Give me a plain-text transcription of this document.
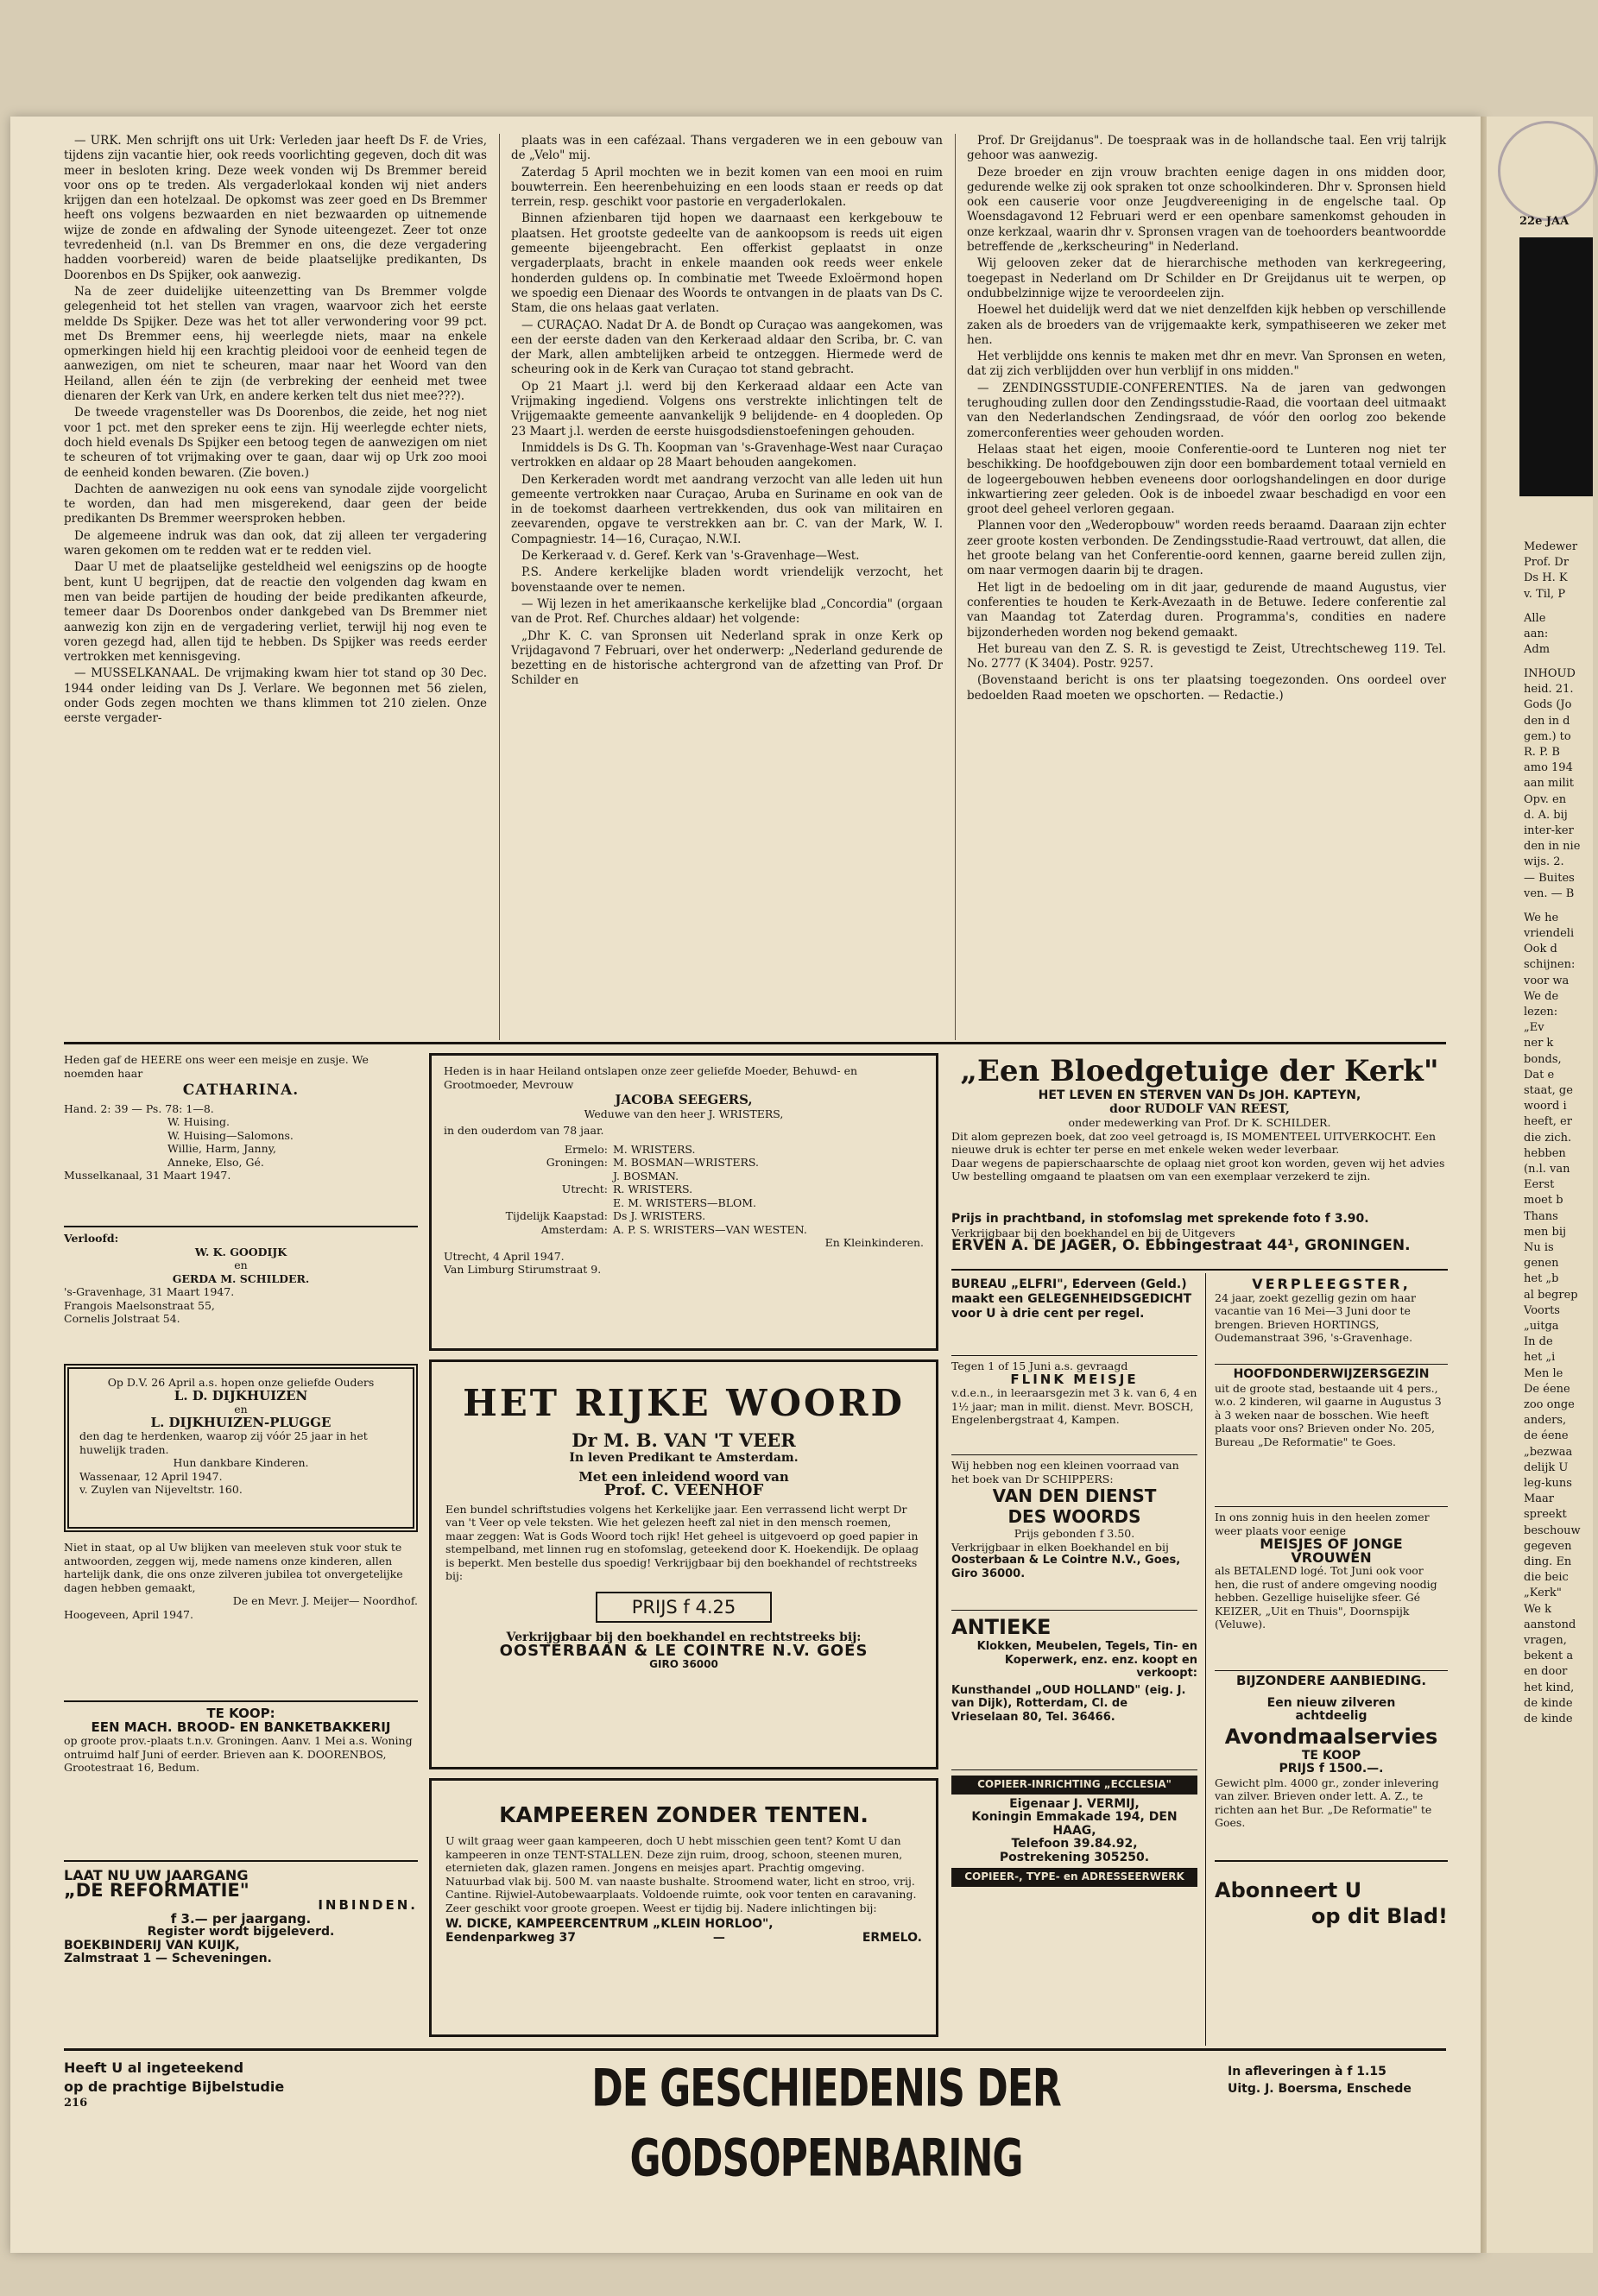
— URK. Men schrijft ons uit Urk: Verleden jaar heeft Ds F. de Vries, tijdens zijn vacantie hier, ook reeds voorlichting gegeven, doch dit was meer in besloten kring. Deze week vonden wij Ds Bremmer bereid voor ons op te treden. Als vergaderlokaal konden wij niet anders krijgen dan een hotelzaal. De opkomst was zeer goed en Ds Bremmer heeft ons volgens bezwaarden en niet bezwaarden op uitnemende wijze de zonde en afdwaling der Synode uiteengezet. Zeer tot onze tevredenheid (n.l. van Ds Bremmer en ons, die deze vergadering hadden voorbereid) waren de beide plaatselijke predikanten, Ds Doorenbos en Ds Spijker, ook aanwezig.

Na de zeer duidelijke uiteenzetting van Ds Bremmer volgde gelegenheid tot het stellen van vragen, waarvoor zich het eerste meldde Ds Spijker. Deze was het tot aller verwondering voor 99 pct. met Ds Bremmer eens, hij weerlegde niets, maar na enkele opmerkingen hield hij een krachtig pleidooi voor de eenheid tegen de aanwezigen, om niet te scheuren, maar naar het Woord van den Heiland, allen één te zijn (de verbreking der eenheid met twee dienaren der Kerk van Urk, en andere kerken telt dus niet mee???).

De tweede vragensteller was Ds Doorenbos, die zeide, het nog niet voor 1 pct. met den spreker eens te zijn. Hij weerlegde echter niets, doch hield evenals Ds Spijker een betoog tegen de aanwezigen om niet te scheuren of tot vrijmaking over te gaan, daar wij op Urk zoo mooi de eenheid konden bewaren. (Zie boven.)

Dachten de aanwezigen nu ook eens van synodale zijde voorgelicht te worden, dan had men misgerekend, daar geen der beide predikanten Ds Bremmer weersproken hebben.

De algemeene indruk was dan ook, dat zij alleen ter vergadering waren gekomen om te redden wat er te redden viel.

Daar U met de plaatselijke gesteldheid wel eenigszins op de hoogte bent, kunt U begrijpen, dat de reactie den volgenden dag kwam en men van beide partijen de houding der beide predikanten afkeurde, temeer daar Ds Doorenbos onder dankgebed van Ds Bremmer niet aanwezig kon zijn en de vergadering verliet, terwijl hij nog even te voren gezegd had, allen tijd te hebben. Ds Spijker was reeds eerder vertrokken met kennisgeving.

— MUSSELKANAAL. De vrijmaking kwam hier tot stand op 30 Dec. 1944 onder leiding van Ds J. Verlare. We begonnen met 56 zielen, onder Gods zegen mochten we thans klimmen tot 210 zielen. Onze eerste vergader-

plaats was in een cafézaal. Thans vergaderen we in een gebouw van de „Velo" mij.

Zaterdag 5 April mochten we in bezit komen van een mooi en ruim bouwterrein. Een heerenbehuizing en een loods staan er reeds op dat terrein, resp. geschikt voor pastorie en vergaderlokalen.

Binnen afzienbaren tijd hopen we daarnaast een kerkgebouw te plaatsen. Het grootste gedeelte van de aankoopsom is reeds uit eigen gemeente bijeengebracht. Een offerkist geplaatst in onze vergaderplaats, bracht in enkele maanden ook reeds weer enkele honderden guldens op. In combinatie met Tweede Exloërmond hopen we spoedig een Dienaar des Woords te ontvangen in de plaats van Ds C. Stam, die ons helaas gaat verlaten.

— CURAÇAO. Nadat Dr A. de Bondt op Curaçao was aangekomen, was een der eerste daden van den Kerkeraad aldaar den Scriba, br. C. van der Mark, allen ambtelijken arbeid te ontzeggen. Hiermede werd de scheuring ook in de Kerk van Curaçao tot stand gebracht.

Op 21 Maart j.l. werd bij den Kerkeraad aldaar een Acte van Vrijmaking ingediend. Volgens ons verstrekte inlichtingen telt de Vrijgemaakte gemeente aanvankelijk 9 belijdende- en 4 doopleden. Op 23 Maart j.l. werden de eerste huisgodsdienstoefeningen gehouden.

Inmiddels is Ds G. Th. Koopman van 's-Gravenhage-West naar Curaçao vertrokken en aldaar op 28 Maart behouden aangekomen.

Den Kerkeraden wordt met aandrang verzocht van alle leden uit hun gemeente vertrokken naar Curaçao, Aruba en Suriname en ook van de in de toekomst daarheen vertrekkenden, dus ook van militairen en zeevarenden, opgave te verstrekken aan br. C. van der Mark, W. I. Compagniestr. 14—16, Curaçao, N.W.I.

De Kerkeraad v. d. Geref. Kerk van 's-Gravenhage—West.

P.S. Andere kerkelijke bladen wordt vriendelijk verzocht, het bovenstaande over te nemen.

— Wij lezen in het amerikaansche kerkelijke blad „Concordia" (orgaan van de Prot. Ref. Churches aldaar) het volgende:

„Dhr K. C. van Spronsen uit Nederland sprak in onze Kerk op Vrijdagavond 7 Februari, over het onderwerp: „Nederland gedurende de bezetting en de historische achtergrond van de afzetting van Prof. Dr Schilder en

Prof. Dr Greijdanus". De toespraak was in de hollandsche taal. Een vrij talrijk gehoor was aanwezig.

Deze broeder en zijn vrouw brachten eenige dagen in ons midden door, gedurende welke zij ook spraken tot onze schoolkinderen. Dhr v. Spronsen hield ook een causerie voor onze Jeugdvereeniging in de engelsche taal. Op Woensdagavond 12 Februari werd er een openbare samenkomst gehouden in onze kerkzaal, waarin dhr v. Spronsen vragen van de toehoorders beantwoordde betreffende de „kerkscheuring" in Nederland.

Wij gelooven zeker dat de hierarchische methoden van kerkregeering, toegepast in Nederland om Dr Schilder en Dr Greijdanus uit te werpen, op ondubbelzinnige wijze te veroordeelen zijn.

Hoewel het duidelijk werd dat we niet denzelfden kijk hebben op verschillende zaken als de broeders van de vrijgemaakte kerk, sympathiseeren we zeker met hen.

Het verblijdde ons kennis te maken met dhr en mevr. Van Spronsen en weten, dat zij zich verblijdden over hun verblijf in ons midden."

— ZENDINGSSTUDIE-CONFERENTIES. Na de jaren van gedwongen terughouding zullen door den Zendingsstudie-Raad, die voortaan deel uitmaakt van den Nederlandschen Zendingsraad, de vóór den oorlog zoo bekende zomerconferenties weer gehouden worden.

Helaas staat het eigen, mooie Conferentie-oord te Lunteren nog niet ter beschikking. De hoofdgebouwen zijn door een bombardement totaal vernield en de logeergebouwen hebben eveneens door oorlogshandelingen en door durige inkwartiering zeer geleden. Ook is de inboedel zwaar beschadigd en voor een groot deel geheel verloren gegaan.

Plannen voor den „Wederopbouw" worden reeds beraamd. Daaraan zijn echter zeer groote kosten verbonden. De Zendingsstudie-Raad vertrouwt, dat allen, die het groote belang van het Conferentie-oord kennen, gaarne bereid zullen zijn, om naar vermogen daarin bij te dragen.

Het ligt in de bedoeling om in dit jaar, gedurende de maand Augustus, vier conferenties te houden te Kerk-Avezaath in de Betuwe. Iedere conferentie zal van Maandag tot Zaterdag duren. Programma's, condities en nadere bijzonderheden worden nog bekend gemaakt.

Het bureau van den Z. S. R. is gevestigd te Zeist, Utrechtscheweg 119. Tel. No. 2777 (K 3404). Postr. 9257.

(Bovenstaand bericht is ons ter plaatsing toegezonden. Ons oordeel over bedoelden Raad moeten we opschorten. — Redactie.)

Heden gaf de HEERE ons weer een meisje en zusje. We noemden haar
CATHARINA.
Hand. 2: 39 — Ps. 78: 1—8.
W. Huising.
W. Huising—Salomons.
Willie, Harm, Janny,
Anneke, Elso, Gé.
Musselkanaal, 31 Maart 1947.
Verloofd:
W. K. GOODIJK
en
GERDA M. SCHILDER.
's-Gravenhage, 31 Maart 1947.
Frangois Maelsonstraat 55,
Cornelis Jolstraat 54.
Op D.V. 26 April a.s. hopen onze geliefde Ouders
L. D. DIJKHUIZEN
en
L. DIJKHUIZEN-PLUGGE
den dag te herdenken, waarop zij vóór 25 jaar in het huwelijk traden.
Hun dankbare Kinderen.
Wassenaar, 12 April 1947.
v. Zuylen van Nijeveltstr. 160.
Niet in staat, op al Uw blijken van meeleven stuk voor stuk te antwoorden, zeggen wij, mede namens onze kinderen, allen hartelijk dank, die ons onze zilveren jubilea tot onvergetelijke dagen hebben gemaakt,
De en Mevr. J. Meijer— Noordhof.
Hoogeveen, April 1947.
TE KOOP:
EEN MACH. BROOD- EN BANKETBAKKERIJ
op groote prov.-plaats t.n.v. Groningen. Aanv. 1 Mei a.s. Woning ontruimd half Juni of eerder. Brieven aan K. DOORENBOS, Grootestraat 16, Bedum.
LAAT NU UW JAARGANG
„DE REFORMATIE"
INBINDEN.
f 3.— per jaargang.
Register wordt bijgeleverd.
BOEKBINDERIJ VAN KUIJK,
Zalmstraat 1 — Scheveningen.
Heden is in haar Heiland ontslapen onze zeer geliefde Moeder, Behuwd- en Grootmoeder, Mevrouw
JACOBA SEEGERS,
Weduwe van den heer J. WRISTERS,
in den ouderdom van 78 jaar.
Ermelo: M. WRISTERS.
Groningen: M. BOSMAN—WRISTERS.
J. BOSMAN.
Utrecht: R. WRISTERS.
E. M. WRISTERS—BLOM.
Tijdelijk Kaapstad: Ds J. WRISTERS.
Amsterdam: A. P. S. WRISTERS—VAN WESTEN.
En Kleinkinderen.
Utrecht, 4 April 1947.
Van Limburg Stirumstraat 9.
HET RIJKE WOORD
Dr M. B. VAN 'T VEER
In leven Predikant te Amsterdam.
Met een inleidend woord van
Prof. C. VEENHOF
Een bundel schriftstudies volgens het Kerkelijke jaar. Een verrassend licht werpt Dr van 't Veer op vele teksten. Wie het gelezen heeft zal niet in den mensch roemen, maar zeggen: Wat is Gods Woord toch rijk! Het geheel is uitgevoerd op goed papier in stempelband, met linnen rug en stofomslag, geteekend door K. Hoekendijk. De oplaag is beperkt. Men bestelle dus spoedig! Verkrijgbaar bij den boekhandel of rechtstreeks bij:
PRIJS f 4.25
Verkrijgbaar bij den boekhandel en rechtstreeks bij:
OOSTERBAAN & LE COINTRE N.V. GOES
GIRO 36000
KAMPEEREN ZONDER TENTEN.
U wilt graag weer gaan kampeeren, doch U hebt misschien geen tent? Komt U dan kampeeren in onze TENT-STALLEN. Deze zijn ruim, droog, schoon, steenen muren, eternieten dak, glazen ramen. Jongens en meisjes apart. Prachtig omgeving. Natuurbad vlak bij. 500 M. van naaste bushalte. Stroomend water, licht en stroo, vrij. Cantine. Rijwiel-Autobewaarplaats. Voldoende ruimte, ook voor tenten en caravaning. Zeer geschikt voor groote groepen. Weest er tijdig bij. Nadere inlichtingen bij:
W. DICKE, KAMPEERCENTRUM „KLEIN HORLOO",
Eendenparkweg 37	—	ERMELO.
„Een Bloedgetuige der Kerk"
HET LEVEN EN STERVEN VAN Ds JOH. KAPTEYN,
door RUDOLF VAN REEST,
onder medewerking van Prof. Dr K. SCHILDER.
Dit alom geprezen boek, dat zoo veel getroagd is, IS MOMENTEEL UITVERKOCHT. Een nieuwe druk is echter ter perse en met enkele weken weder leverbaar.
Daar wegens de papierschaarschte de oplaag niet groot kon worden, geven wij het advies Uw bestelling omgaand te plaatsen om van een exemplaar verzekerd te zijn.
Prijs in prachtband, in stofomslag met sprekende foto f 3.90.
Verkrijgbaar bij den boekhandel en bij de Uitgevers
ERVEN A. DE JAGER, O. Ebbingestraat 44¹, GRONINGEN.
BUREAU „ELFRI", Ederveen (Geld.) maakt een GELEGENHEIDSGEDICHT voor U à drie cent per regel.
Tegen 1 of 15 Juni a.s. gevraagd
FLINK MEISJE
v.d.e.n., in leeraarsgezin met 3 k. van 6, 4 en 1½ jaar; man in milit. dienst. Mevr. BOSCH, Engelenbergstraat 4, Kampen.
Wij hebben nog een kleinen voorraad van het boek van Dr SCHIPPERS:
VAN DEN DIENST
DES WOORDS
Prijs gebonden f 3.50.
Verkrijgbaar in elken Boekhandel en bij
Oosterbaan & Le Cointre N.V., Goes, Giro 36000.
ANTIEKE
Klokken, Meubelen, Tegels, Tin- en Koperwerk, enz. enz. koopt en verkoopt:
Kunsthandel „OUD HOLLAND" (eig. J. van Dijk), Rotterdam, Cl. de Vrieselaan 80, Tel. 36466.
COPIEER-INRICHTING „ECCLESIA"
Eigenaar J. VERMIJ,
Koningin Emmakade 194, DEN HAAG,
Telefoon 39.84.92,
Postrekening 305250.
COPIEER-, TYPE- en ADRESSEERWERK
VERPLEEGSTER,
24 jaar, zoekt gezellig gezin om haar vacantie van 16 Mei—3 Juni door te brengen. Brieven HORTINGS, Oudemanstraat 396, 's-Gravenhage.
HOOFDONDERWIJZERSGEZIN
uit de groote stad, bestaande uit 4 pers., w.o. 2 kinderen, wil gaarne in Augustus 3 à 3 weken naar de bosschen. Wie heeft plaats voor ons? Brieven onder No. 205, Bureau „De Reformatie" te Goes.
In ons zonnig huis in den heelen zomer weer plaats voor eenige
MEISJES OF JONGE
VROUWEN
als BETALEND logé. Tot Juni ook voor hen, die rust of andere omgeving noodig hebben. Gezellige huiselijke sfeer. Gé KEIZER, „Uit en Thuis", Doornspijk (Veluwe).
BIJZONDERE AANBIEDING.
Een nieuw zilveren
achtdeelig
Avondmaalservies
TE KOOP
PRIJS f 1500.—.
Gewicht plm. 4000 gr., zonder inlevering van zilver. Brieven onder lett. A. Z., te richten aan het Bur. „De Reformatie" te Goes.
Abonneert U
op dit Blad!
Heeft U al ingeteekend
op de prachtige Bijbelstudie
216	DE GESCHIEDENIS DER GODSOPENBARING
In afleveringen à f 1.15
Uitg. J. Boersma, Enschede
22e JAA
Medewer
Prof. Dr
Ds H. K
v. Til, P
Alle
aan:
Adm
INHOUD
heid. 21.
Gods (Jo
den in d
gem.) to
R. P. B
amo 194
aan milit
Opv. en
d. A. bij
inter-ker
den in nie
wijs. 2.
— Buites
ven. — B
We he
vriendeli
Ook d
schijnen:
voor wa
We de
lezen:
„Ev
ner k
bonds,
Dat e
staat, ge
woord i
heeft, er
die zich.
hebben
(n.l. van
Eerst
moet b
Thans
men bij
Nu is
genen
het „b
al begrep
Voorts
„uitga
In de
het „i
Men le
De éene
zoo onge
anders,
de éene
„bezwaa
delijk U
leg-kuns
Maar
spreekt
beschouw
gegeven
ding. En
die beic
„Kerk"
We k
aanstond
vragen,
bekent a
en door
het kind,
de kinde
de kinde
